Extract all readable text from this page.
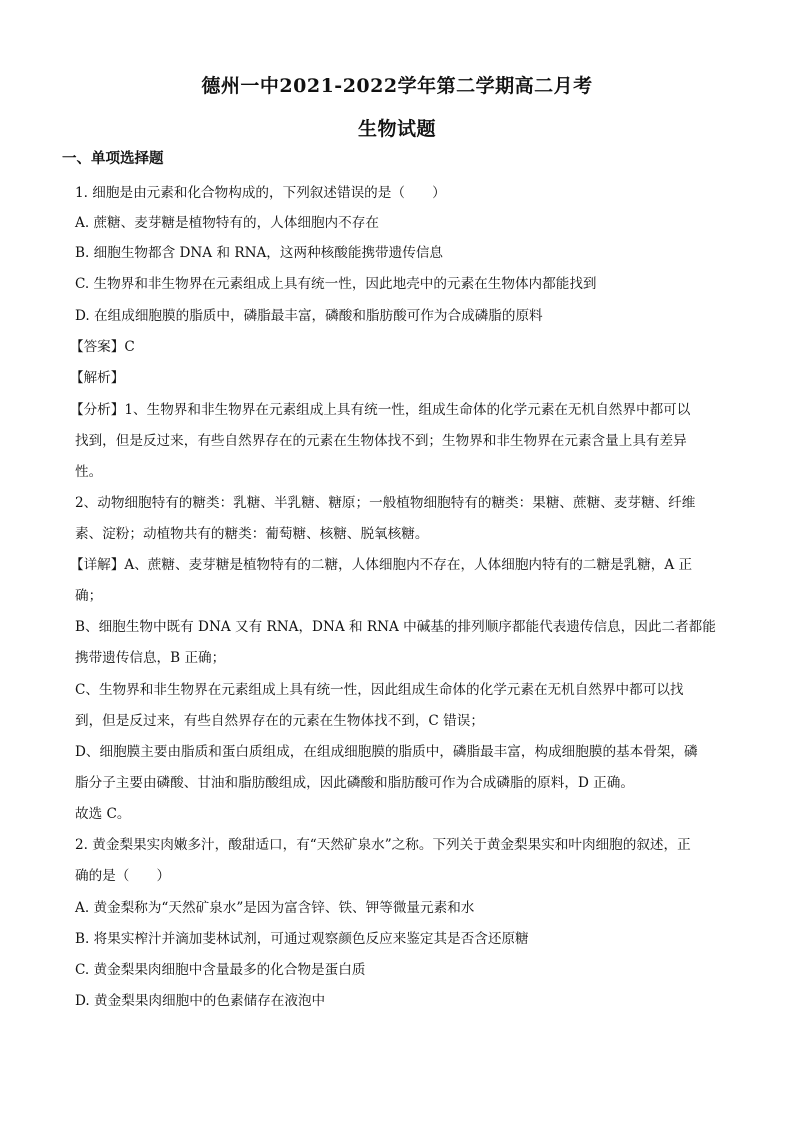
德州一中2021-2022学年第二学期高二月考
生物试题
一、单项选择题
1. 细胞是由元素和化合物构成的，下列叙述错误的是（　　）
A. 蔗糖、麦芽糖是植物特有的，人体细胞内不存在
B. 细胞生物都含 DNA 和 RNA，这两种核酸能携带遗传信息
C. 生物界和非生物界在元素组成上具有统一性，因此地壳中的元素在生物体内都能找到
D. 在组成细胞膜的脂质中，磷脂最丰富，磷酸和脂肪酸可作为合成磷脂的原料
【答案】C
【解析】
【分析】1、生物界和非生物界在元素组成上具有统一性，组成生命体的化学元素在无机自然界中都可以
找到，但是反过来，有些自然界存在的元素在生物体找不到；生物界和非生物界在元素含量上具有差异
性。
2、动物细胞特有的糖类：乳糖、半乳糖、糖原；一般植物细胞特有的糖类：果糖、蔗糖、麦芽糖、纤维
素、淀粉；动植物共有的糖类：葡萄糖、核糖、脱氧核糖。
【详解】A、蔗糖、麦芽糖是植物特有的二糖，人体细胞内不存在，人体细胞内特有的二糖是乳糖，A 正
确；
B、细胞生物中既有 DNA 又有 RNA，DNA 和 RNA 中碱基的排列顺序都能代表遗传信息，因此二者都能
携带遗传信息，B 正确；
C、生物界和非生物界在元素组成上具有统一性，因此组成生命体的化学元素在无机自然界中都可以找
到，但是反过来，有些自然界存在的元素在生物体找不到，C 错误；
D、细胞膜主要由脂质和蛋白质组成，在组成细胞膜的脂质中，磷脂最丰富，构成细胞膜的基本骨架，磷
脂分子主要由磷酸、甘油和脂肪酸组成，因此磷酸和脂肪酸可作为合成磷脂的原料，D 正确。
故选 C。
2. 黄金梨果实肉嫩多汁，酸甜适口，有“天然矿泉水”之称。下列关于黄金梨果实和叶肉细胞的叙述，正
确的是（　　）
A. 黄金梨称为“天然矿泉水”是因为富含锌、铁、钾等微量元素和水
B. 将果实榨汁并滴加斐林试剂，可通过观察颜色反应来鉴定其是否含还原糖
C. 黄金梨果肉细胞中含量最多的化合物是蛋白质
D. 黄金梨果肉细胞中的色素储存在液泡中
